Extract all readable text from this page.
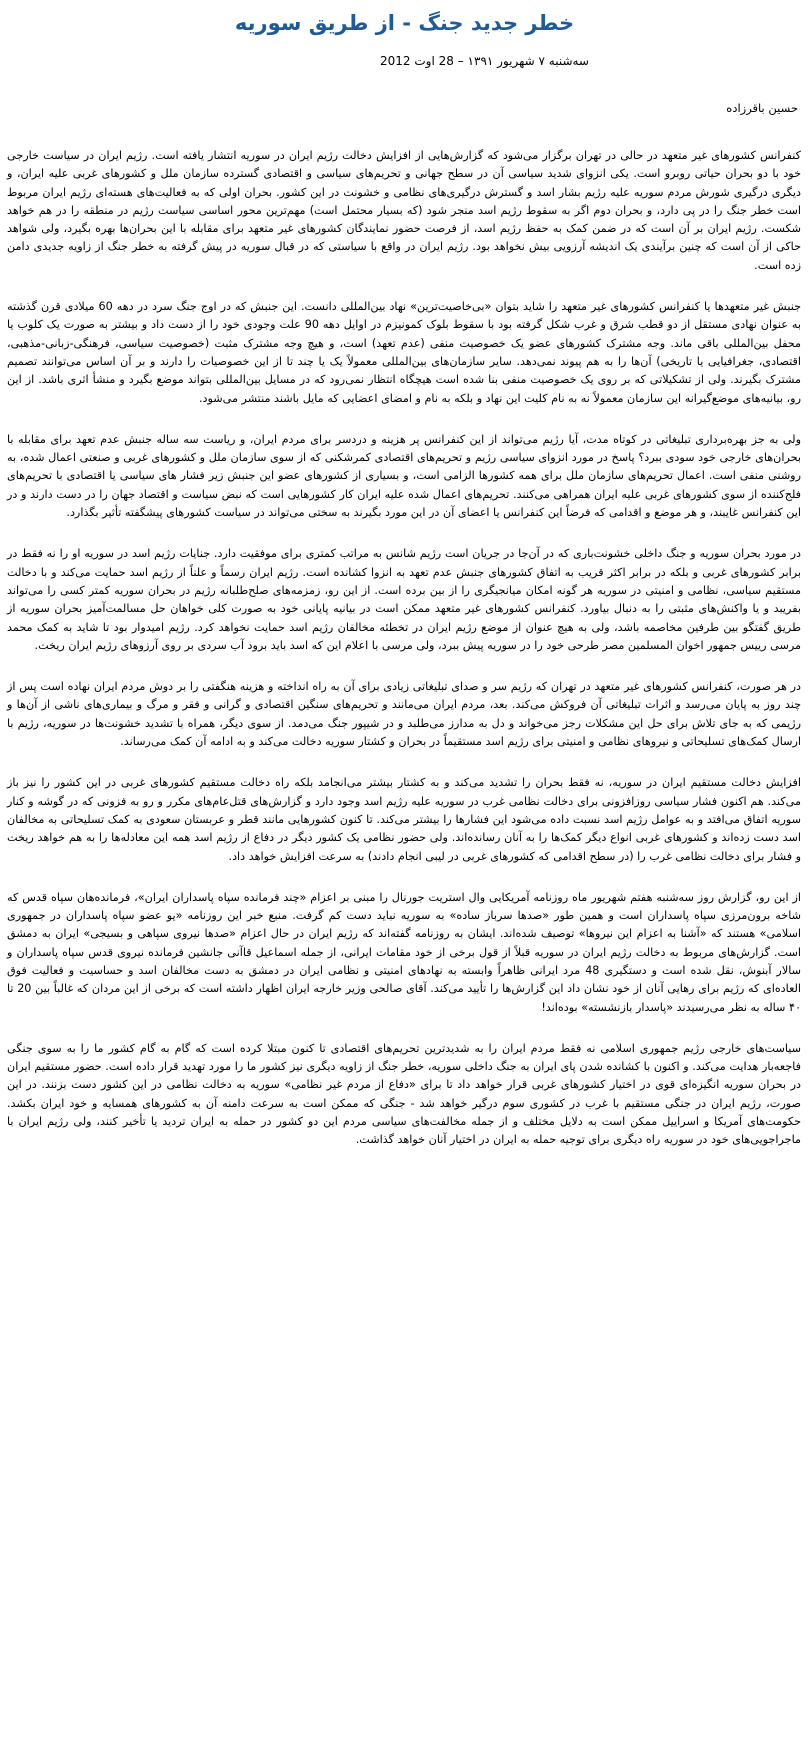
خطر جدید جنگ - از طریق سوریه

سه‌شنبه ۷ شهریور ۱۳۹۱ – 28 اوت 2012

حسین باقرزاده

کنفرانس کشورهای غیر متعهد در حالی در تهران برگزار می‌شود که گزارش‌هایی از افزایش دخالت رژیم ایران در سوریه انتشار یافته است. رژیم ایران در سیاست خارجی خود با دو بحران حیاتی روبرو است. یکی انزوای شدید سیاسی آن در سطح جهانی و تحریم‌های سیاسی و اقتصادی گسترده سازمان ملل و کشورهای غربی علیه ایران، و دیگری درگیری شورش مردم سوریه علیه رژیم بشار اسد و گسترش درگیری‌های نظامی و خشونت در این کشور. بحران اولی که به فعالیت‌های هسته‌ای رژیم ایران مربوط است خطر جنگ را در پی دارد، و بحران دوم اگر به سقوط رژیم اسد منجر شود (که بسیار محتمل است) مهم‌ترین محور اساسی سیاست رژیم در منطقه را در هم خواهد شکست. رژیم ایران بر آن است که در ضمن کمک به حفظ رژیم اسد، از فرصت حضور نمایندگان کشورهای غیر متعهد برای مقابله با این بحران‌ها بهره بگیرد، ولی شواهد حاکی از آن است که چنین برآیندی یک اندیشه آرزویی بیش نخواهد بود. رژیم ایران در واقع با سیاستی که در قبال سوریه در پیش گرفته به خطر جنگ از زاویه جدیدی دامن زده است.

جنبش غیر متعهدها یا کنفرانس کشورهای غیر متعهد را شاید بتوان «بی‌خاصیت‌ترین» نهاد بین‌المللی دانست. این جنبش که در اوج جنگ سرد در دهه 60 میلادی قرن گذشته به عنوان نهادی مستقل از دو قطب شرق و غرب شکل گرفته بود با سقوط بلوک کمونیزم در اوایل دهه 90 علت وجودی خود را از دست داد و بیشتر به صورت یک کلوب یا محفل بین‌المللی باقی ماند. وجه مشترک کشورهای عضو یک خصوصیت منفی (عدم تعهد) است، و هیچ وجه مشترک مثبت (خصوصیت سیاسی، فرهنگی-زبانی-مذهبی، اقتصادی، جغرافیایی یا تاریخی) آن‌ها را به هم پیوند نمی‌دهد. سایر سازمان‌های بین‌المللی معمولاً یک یا چند تا از این خصوصیات را دارند و بر آن اساس می‌توانند تصمیم مشترک بگیرند. ولی از تشکیلاتی که بر روی یک خصوصیت منفی بنا شده است هیچگاه انتظار نمی‌رود که در مسایل بین‌المللی بتواند موضع بگیرد و منشأ اثری باشد. از این رو، بیانیه‌های موضع‌گیرانه این سازمان معمولاً نه به نام کلیت این نهاد و بلکه به نام و امضای اعضایی که مایل باشند منتشر می‌شود.

ولی به جز بهره‌برداری تبلیغاتی در کوتاه مدت، آیا رژیم می‌تواند از این کنفرانس پر هزینه و دردسر برای مردم ایران، و ریاست سه ساله جنبش عدم تعهد برای مقابله با بحران‌های خارجی خود سودی ببرد؟ پاسخ در مورد انزوای سیاسی رژیم و تحریم‌های اقتصادی کمرشکنی که از سوی سازمان ملل و کشورهای غربی و صنعتی اعمال شده، به روشنی منفی است. اعمال تحریم‌های سازمان ملل برای همه کشورها الزامی است، و بسیاری از کشورهای عضو این جنبش زیر فشار های سیاسی یا اقتصادی با تحریم‌های فلج‌کننده از سوی کشورهای غربی علیه ایران همراهی می‌کنند. تحریم‌های اعمال شده علیه ایران کار کشورهایی است که نبض سیاست و اقتصاد جهان را در دست دارند و در این کنفرانس غایبند، و هر موضع و اقدامی که فرضاً این کنفرانس یا اعضای آن در این مورد بگیرند به سختی می‌تواند در سیاست کشورهای پیشگفته تأثیر بگذارد.

در مورد بحران سوریه و جنگ داخلی خشونت‌باری که در آن‌جا در جریان است رژیم شانس به مراتب کمتری برای موفقیت دارد. جنایات رژیم اسد در سوریه او را نه فقط در برابر کشورهای غربی و بلکه در برابر اکثر قریب به اتفاق کشورهای جنبش عدم تعهد به انزوا کشانده است. رژیم ایران رسماً و علناً از رژیم اسد حمایت می‌کند و با دخالت مستقیم سیاسی، نظامی و امنیتی در سوریه هر گونه امکان میانجیگری را از بین برده است. از این رو، زمزمه‌های صلح‌طلبانه رژیم در بحران سوریه کمتر کسی را می‌تواند بفریبد و یا واکنش‌های مثبتی را به دنبال بیاورد. کنفرانس کشورهای غیر متعهد ممکن است در بیانیه پایانی خود به صورت کلی خواهان حل مسالمت‌آمیز بحران سوریه از طریق گفتگو بین طرفین مخاصمه باشد، ولی به هیچ عنوان از موضع رژیم ایران در تخطئه مخالفان رژیم اسد حمایت نخواهد کرد. رژیم امیدوار بود تا شاید به کمک محمد مرسی رییس جمهور اخوان المسلمین مصر طرحی خود را در سوریه پیش ببرد، ولی مرسی با اعلام این که اسد باید برود آب سردی بر روی آرزوهای رژیم ایران ریخت.

در هر صورت، کنفرانس کشورهای غیر متعهد در تهران که رژیم سر و صدای تبلیغاتی زیادی برای آن به راه انداخته و هزینه هنگفتی را بر دوش مردم ایران نهاده است پس از چند روز به پایان می‌رسد و اثرات تبلیغاتی آن فروکش می‌کند. بعد، مردم ایران می‌مانند و تحریم‌های سنگین اقتصادی و گرانی و فقر و مرگ و بیماری‌های ناشی از آن‌ها و رژیمی که به جای تلاش برای حل این مشکلات رجز می‌خواند و دل به مدارز می‌طلبد و در شیپور جنگ می‌دمد. از سوی دیگر، همراه با تشدید خشونت‌ها در سوریه، رژیم با ارسال کمک‌های تسلیحاتی و نیروهای نظامی و امنیتی برای رژیم اسد مستقیماً در بحران و کشتار سوریه دخالت می‌کند و به ادامه آن کمک می‌رساند.

افزایش دخالت مستقیم ایران در سوریه، نه فقط بحران را تشدید می‌کند و به کشتار بیشتر می‌انجامد بلکه راه دخالت مستقیم کشورهای غربی در این کشور را نیز باز می‌کند. هم اکنون فشار سیاسی روزافزونی برای دخالت نظامی غرب در سوریه علیه رژیم اسد وجود دارد و گزارش‌های قتل‌عام‌های مکرر و رو به فزونی که در گوشه و کنار سوریه اتفاق می‌افتد و به عوامل رژیم اسد نسبت داده می‌شود این فشارها را بیشتر می‌کند. تا کنون کشورهایی مانند قطر و عربستان سعودی به کمک تسلیحاتی به مخالفان اسد دست زده‌اند و کشورهای غربی انواع دیگر کمک‌ها را به آنان رسانده‌اند. ولی حضور نظامی یک کشور دیگر در دفاع از رژیم اسد همه این معادله‌ها را به هم خواهد ریخت و فشار برای دخالت نظامی غرب را (در سطح اقدامی که کشورهای غربی در لیبی انجام دادند) به سرعت افزایش خواهد داد.

از این رو، گزارش روز سه‌شنبه هفتم شهریور ماه روزنامه آمریکایی وال استریت جورنال را مبنی بر اعزام «چند فرمانده سپاه پاسداران ایران»، فرمانده‌هان سپاه قدس که شاخه برون‌مرزی سپاه پاسداران است و همین طور «صدها سرباز ساده» به سوریه نباید دست کم گرفت. منبع خبر این روزنامه «یو عضو سپاه پاسداران در جمهوری اسلامی» هستند که «آشنا به اعزام این نیروها» توصیف شده‌اند. ایشان به روزنامه گفته‌اند که رژیم ایران در حال اعزام «صدها نیروی سپاهی و بسیجی» ایران به دمشق است. گزارش‌های مربوط به دخالت رژیم ایران در سوریه قبلاً از قول برخی از خود مقامات ایرانی، از جمله اسماعیل قاآنی جانشین فرمانده نیروی قدس سپاه پاسداران و سالار آبنوش، نقل شده است و دستگیری 48 مرد ایرانی ظاهراً وابسته به نهادهای امنیتی و نظامی ایران در دمشق به دست مخالفان اسد و حساسیت و فعالیت فوق العاده‌ای که رژیم برای رهایی آنان از خود نشان داد این گزارش‌ها را تأیید می‌کند. آقای صالحی وزیر خارجه ایران اظهار داشته است که برخی از این مردان که غالباً بین 20 تا ۴۰ ساله به نظر می‌رسیدند «پاسدار بازنشسته» بوده‌اند!

سیاست‌های خارجی رژیم جمهوری اسلامی نه فقط مردم ایران را به شدیدترین تحریم‌های اقتصادی تا کنون مبتلا کرده است که گام به گام کشور ما را به سوی جنگی فاجعه‌بار هدایت می‌کند. و اکنون با کشانده شدن پای ایران به جنگ داخلی سوریه، خطر جنگ از زاویه دیگری نیز کشور ما را مورد تهدید قرار داده است. حضور مستقیم ایران در بحران سوریه انگیزه‌ای قوی در اختیار کشورهای غربی قرار خواهد داد تا برای «دفاع از مردم غیر نظامی» سوریه به دخالت نظامی در این کشور دست بزنند. در این صورت، رژیم ایران در جنگی مستقیم با غرب در کشوری سوم درگیر خواهد شد - جنگی که ممکن است به سرعت دامنه آن به کشورهای همسایه و خود ایران بکشد. حکومت‌های آمریکا و اسراییل ممکن است به دلایل مختلف و از جمله مخالفت‌های سیاسی مردم این دو کشور در حمله به ایران تردید یا تأخیر کنند، ولی رژیم ایران با ماجراجویی‌های خود در سوریه راه دیگری برای توجیه حمله به ایران در اختیار آنان خواهد گذاشت.
